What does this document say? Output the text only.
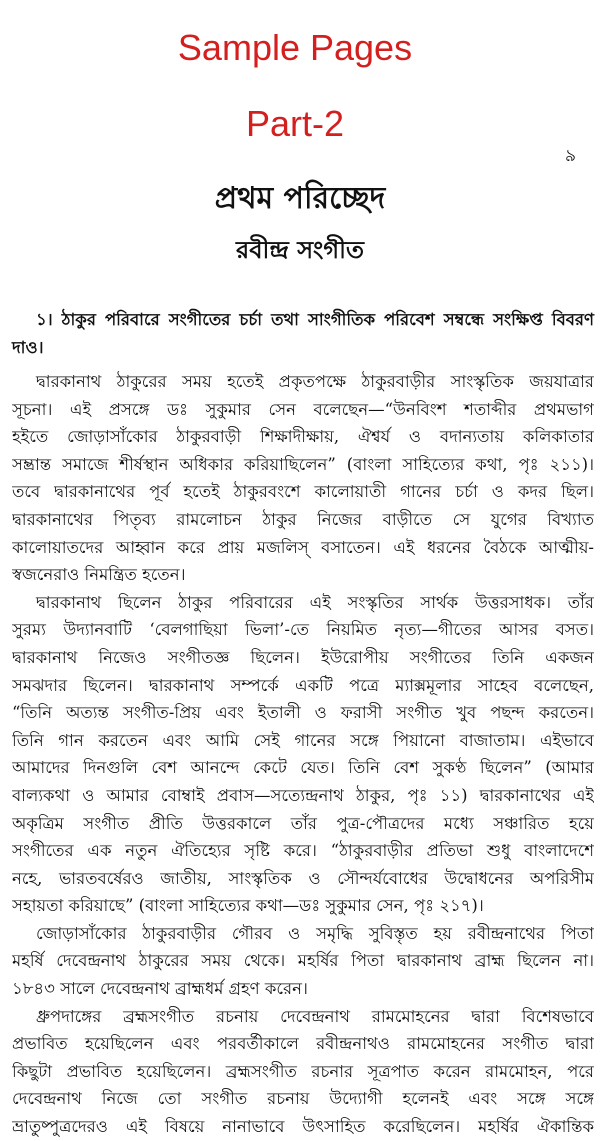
Sample Pages
Part-2
৯
প্রথম পরিচ্ছেদ
রবীন্দ্র সংগীত
১। ঠাকুর পরিবারে সংগীতের চর্চা তথা সাংগীতিক পরিবেশ সম্বন্ধে সংক্ষিপ্ত বিবরণ দাও।
দ্বারকানাথ ঠাকুরের সময় হতেই প্রকৃতপক্ষে ঠাকুরবাড়ীর সাংস্কৃতিক জয়যাত্রার
সূচনা। এই প্রসঙ্গে ডঃ সুকুমার সেন বলেছেন—“উনবিংশ শতাব্দীর প্রথমভাগ
হইতে জোড়াসাঁকোর ঠাকুরবাড়ী শিক্ষাদীক্ষায়, ঐশ্বর্য ও বদান্যতায় কলিকাতার
সম্ভ্রান্ত সমাজে শীর্ষস্থান অধিকার করিয়াছিলেন” (বাংলা সাহিত্যের কথা, পৃঃ ২১১)।
তবে দ্বারকানাথের পূর্ব হতেই ঠাকুরবংশে কালোয়াতী গানের চর্চা ও কদর ছিল।
দ্বারকানাথের পিতৃব্য রামলোচন ঠাকুর নিজের বাড়ীতে সে যুগের বিখ্যাত
কালোয়াতদের আহ্বান করে প্রায় মজলিস্ বসাতেন। এই ধরনের বৈঠকে আত্মীয়-
স্বজনেরাও নিমন্ত্রিত হতেন।
দ্বারকানাথ ছিলেন ঠাকুর পরিবারের এই সংস্কৃতির সার্থক উত্তরসাধক। তাঁর
সুরম্য উদ্যানবাটি ‘বেলগাছিয়া ভিলা’-তে নিয়মিত নৃত্য—গীতের আসর বসত।
দ্বারকানাথ নিজেও সংগীতজ্ঞ ছিলেন। ইউরোপীয় সংগীতের তিনি একজন
সমঝদার ছিলেন। দ্বারকানাথ সম্পর্কে একটি পত্রে ম্যাক্সমূলার সাহেব বলেছেন,
“তিনি অত্যন্ত সংগীত-প্রিয় এবং ইতালী ও ফরাসী সংগীত খুব পছন্দ করতেন।
তিনি গান করতেন এবং আমি সেই গানের সঙ্গে পিয়ানো বাজাতাম। এইভাবে
আমাদের দিনগুলি বেশ আনন্দে কেটে যেত। তিনি বেশ সুকণ্ঠ ছিলেন” (আমার
বাল্যকথা ও আমার বোম্বাই প্রবাস—সত্যেন্দ্রনাথ ঠাকুর, পৃঃ ১১) দ্বারকানাথের এই
অকৃত্রিম সংগীত প্রীতি উত্তরকালে তাঁর পুত্র-পৌত্রদের মধ্যে সঞ্চারিত হয়ে
সংগীতের এক নতুন ঐতিহ্যের সৃষ্টি করে। “ঠাকুরবাড়ীর প্রতিভা শুধু বাংলাদেশে
নহে, ভারতবর্ষেরও জাতীয়, সাংস্কৃতিক ও সৌন্দর্যবোধের উদ্বোধনের অপরিসীম
সহায়তা করিয়াছে” (বাংলা সাহিত্যের কথা—ডঃ সুকুমার সেন, পৃঃ ২১৭)।
জোড়াসাঁকোর ঠাকুরবাড়ীর গৌরব ও সমৃদ্ধি সুবিস্তৃত হয় রবীন্দ্রনাথের পিতা
মহর্ষি দেবেন্দ্রনাথ ঠাকুরের সময় থেকে। মহর্ষির পিতা দ্বারকানাথ ব্রাহ্ম ছিলেন না।
১৮৪৩ সালে দেবেন্দ্রনাথ ব্রাহ্মধর্ম গ্রহণ করেন।
ধ্রুপদাঙ্গের ব্রহ্মসংগীত রচনায় দেবেন্দ্রনাথ রামমোহনের দ্বারা বিশেষভাবে
প্রভাবিত হয়েছিলেন এবং পরবর্তীকালে রবীন্দ্রনাথও রামমোহনের সংগীত দ্বারা
কিছুটা প্রভাবিত হয়েছিলেন। ব্রহ্মসংগীত রচনার সূত্রপাত করেন রামমোহন, পরে
দেবেন্দ্রনাথ নিজে তো সংগীত রচনায় উদ্যোগী হলেনই এবং সঙ্গে সঙ্গে
ভ্রাতুষ্পুত্রদেরও এই বিষয়ে নানাভাবে উৎসাহিত করেছিলেন। মহর্ষির ঐকান্তিক
